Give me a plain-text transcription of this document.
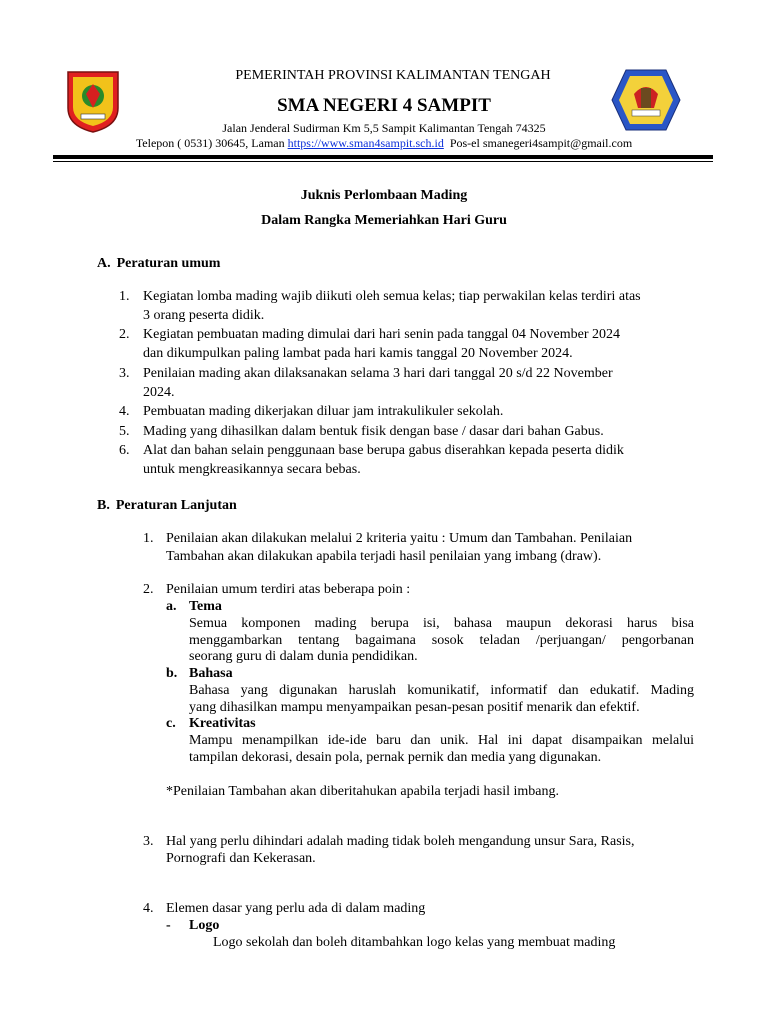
PEMERINTAH PROVINSI KALIMANTAN TENGAH
SMA NEGERI 4 SAMPIT
Jalan Jenderal Sudirman Km 5,5 Sampit Kalimantan Tengah 74325
Telepon ( 0531) 30645, Laman https://www.sman4sampit.sch.id  Pos-el smanegeri4sampit@gmail.com
Juknis Perlombaan Mading
Dalam Rangka Memeriahkan Hari Guru
A. Peraturan umum
1. Kegiatan lomba mading wajib diikuti oleh semua kelas; tiap perwakilan kelas terdiri atas
3 orang peserta didik.
2. Kegiatan pembuatan mading dimulai dari hari senin pada tanggal 04 November 2024
dan dikumpulkan paling lambat pada hari kamis tanggal 20 November 2024.
3. Penilaian mading akan dilaksanakan selama 3 hari dari tanggal 20 s/d 22 November
2024.
4. Pembuatan mading dikerjakan diluar jam intrakulikuler sekolah.
5. Mading yang dihasilkan dalam bentuk fisik dengan base / dasar dari bahan Gabus.
6. Alat dan bahan selain penggunaan base berupa gabus diserahkan kepada peserta didik
untuk mengkreasikannya secara bebas.
B. Peraturan Lanjutan
1. Penilaian akan dilakukan melalui 2 kriteria yaitu : Umum dan Tambahan. Penilaian
Tambahan akan dilakukan apabila terjadi hasil penilaian yang imbang (draw).
2. Penilaian umum terdiri atas beberapa poin :
a. Tema
Semua komponen mading berupa isi, bahasa maupun dekorasi harus bisa
menggambarkan tentang bagaimana sosok teladan /perjuangan/ pengorbanan
seorang guru di dalam dunia pendidikan.
b. Bahasa
Bahasa yang digunakan haruslah komunikatif, informatif dan edukatif. Mading
yang dihasilkan mampu menyampaikan pesan-pesan positif menarik dan efektif.
c. Kreativitas
Mampu menampilkan ide-ide baru dan unik. Hal ini dapat disampaikan melalui
tampilan dekorasi, desain pola, pernak pernik dan media yang digunakan.
*Penilaian Tambahan akan diberitahukan apabila terjadi hasil imbang.
3. Hal yang perlu dihindari adalah mading tidak boleh mengandung unsur Sara, Rasis,
Pornografi dan Kekerasan.
4. Elemen dasar yang perlu ada di dalam mading
- Logo
Logo sekolah dan boleh ditambahkan logo kelas yang membuat mading
